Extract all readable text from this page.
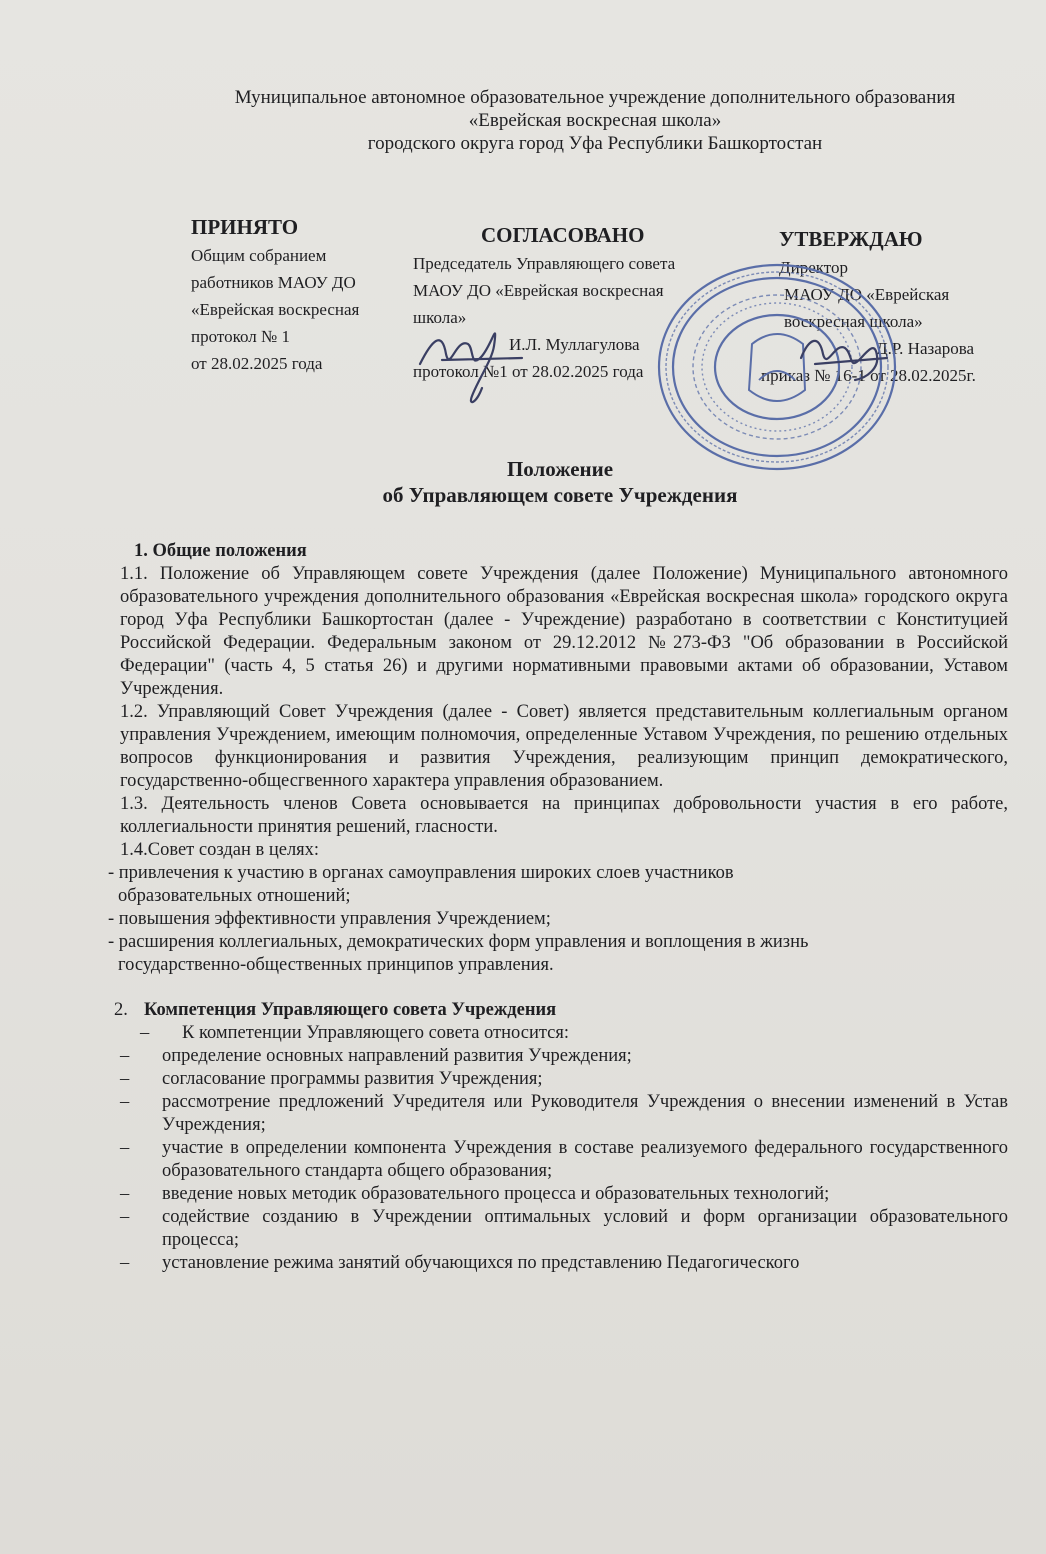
Муниципальное автономное образовательное учреждение дополнительного образования
«Еврейская воскресная школа»
городского округа город Уфа Республики Башкортостан
ПРИНЯТО
Общим собранием
работников МАОУ ДО
«Еврейская воскресная
протокол № 1
от 28.02.2025 года
СОГЛАСОВАНО
Председатель Управляющего совета
МАОУ ДО «Еврейская воскресная
школа»
И.Л. Муллагулова
протокол №1 от 28.02.2025 года
УТВЕРЖДАЮ
Директор
МАОУ ДО «Еврейская
воскресная школа»
Д.Р. Назарова
приказ № 16-1 от 28.02.2025г.
Положение
об Управляющем совете Учреждения
1. Общие положения

1.1. Положение об Управляющем совете Учреждения (далее Положение) Муниципального автономного образовательного учреждения дополнительного образования «Еврейская воскресная школа» городского округа город Уфа Республики Башкортостан (далее - Учреждение) разработано в соответствии с Конституцией Российской Федерации. Федеральным законом от 29.12.2012 №273-ФЗ "Об образовании в Российской Федерации" (часть 4, 5 статья 26) и другими нормативными правовыми актами об образовании, Уставом Учреждения.

1.2. Управляющий Совет Учреждения (далее - Совет) является представительным коллегиальным органом управления Учреждением, имеющим полномочия, определенные Уставом Учреждения, по решению отдельных вопросов функционирования и развития Учреждения, реализующим принцип демократического, государственно-общесгвенного характера управления образованием.

1.3. Деятельность членов Совета основывается на принципах добровольности участия в его работе, коллегиальности принятия решений, гласности.

1.4.Совет создан в целях:

- привлечения к участию в органах самоуправления широких слоев участников

образовательных отношений;

- повышения эффективности управления Учреждением;

- расширения коллегиальных, демократических форм управления и воплощения в жизнь

государственно-общественных принципов управления.

2. Компетенция Управляющего совета Учреждения
–	К компетенции Управляющего совета относится:
–	определение основных направлений развития Учреждения;
–	согласование программы развития Учреждения;
–	рассмотрение предложений Учредителя или Руководителя Учреждения о внесении изменений в Устав Учреждения;
–	участие в определении компонента Учреждения в составе реализуемого федерального государственного образовательного стандарта общего образования;
–	введение новых методик образовательного процесса и образовательных технологий;
–	содействие созданию в Учреждении оптимальных условий и форм организации образовательного процесса;
–	установление режима занятий обучающихся по представлению Педагогического
